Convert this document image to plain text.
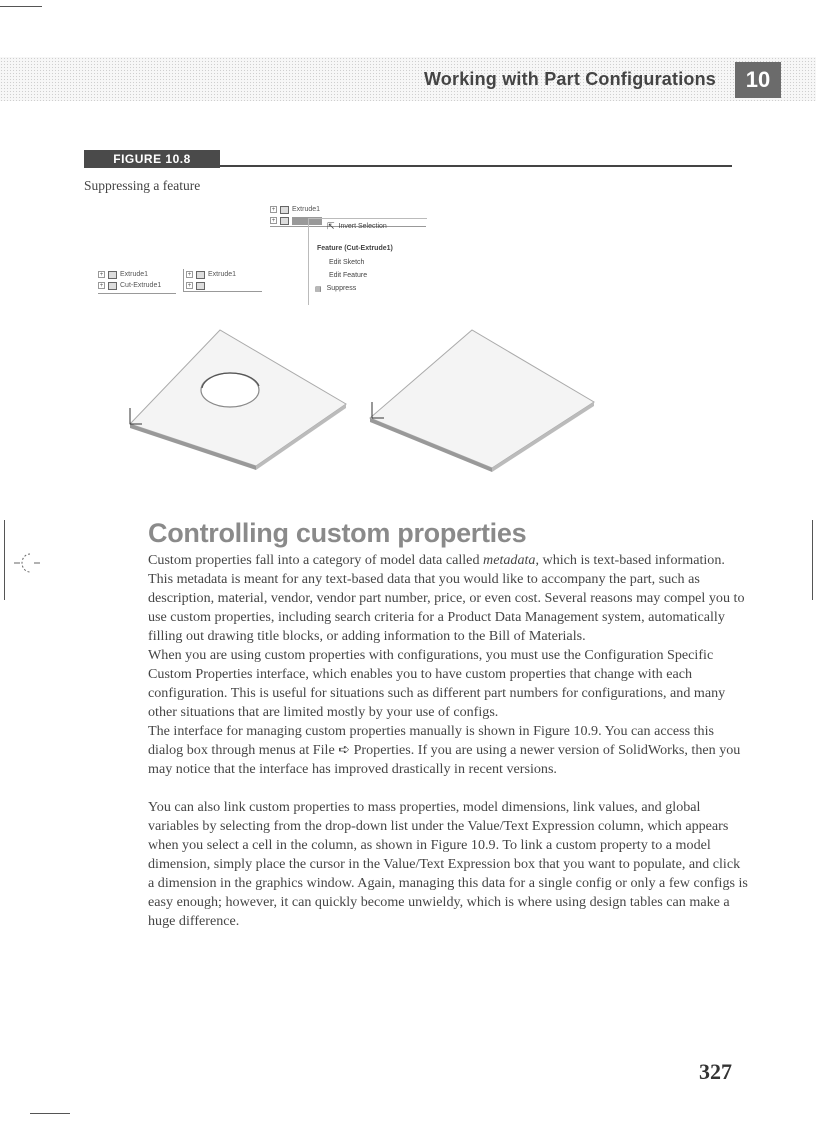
Working with Part Configurations	10
FIGURE 10.8
Suppressing a feature
+ Extrude1
+ Cut-Extrude1
+ Extrude1
+
+ Extrude1
+	⇱ Invert Selection
Feature (Cut-Extrude1)
Edit Sketch
Edit Feature
▤ Suppress
Controlling custom properties

Custom properties fall into a category of model data called metadata, which is text-based information. This metadata is meant for any text-based data that you would like to accompany the part, such as description, material, vendor, vendor part number, price, or even cost. Several reasons may compel you to use custom properties, including search criteria for a Product Data Management system, automatically filling out drawing title blocks, or adding information to the Bill of Materials.

When you are using custom properties with configurations, you must use the Configuration Specific Custom Properties interface, which enables you to have custom properties that change with each configuration. This is useful for situations such as different part numbers for configurations, and many other situations that are limited mostly by your use of configs.

The interface for managing custom properties manually is shown in Figure 10.9. You can access this dialog box through menus at File ➪ Properties. If you are using a newer version of SolidWorks, then you may notice that the interface has improved drastically in recent versions.

You can also link custom properties to mass properties, model dimensions, link values, and global variables by selecting from the drop-down list under the Value/Text Expression column, which appears when you select a cell in the column, as shown in Figure 10.9. To link a custom property to a model dimension, simply place the cursor in the Value/Text Expression box that you want to populate, and click a dimension in the graphics window. Again, managing this data for a single config or only a few configs is easy enough; however, it can quickly become unwieldy, which is where using design tables can make a huge difference.

327
